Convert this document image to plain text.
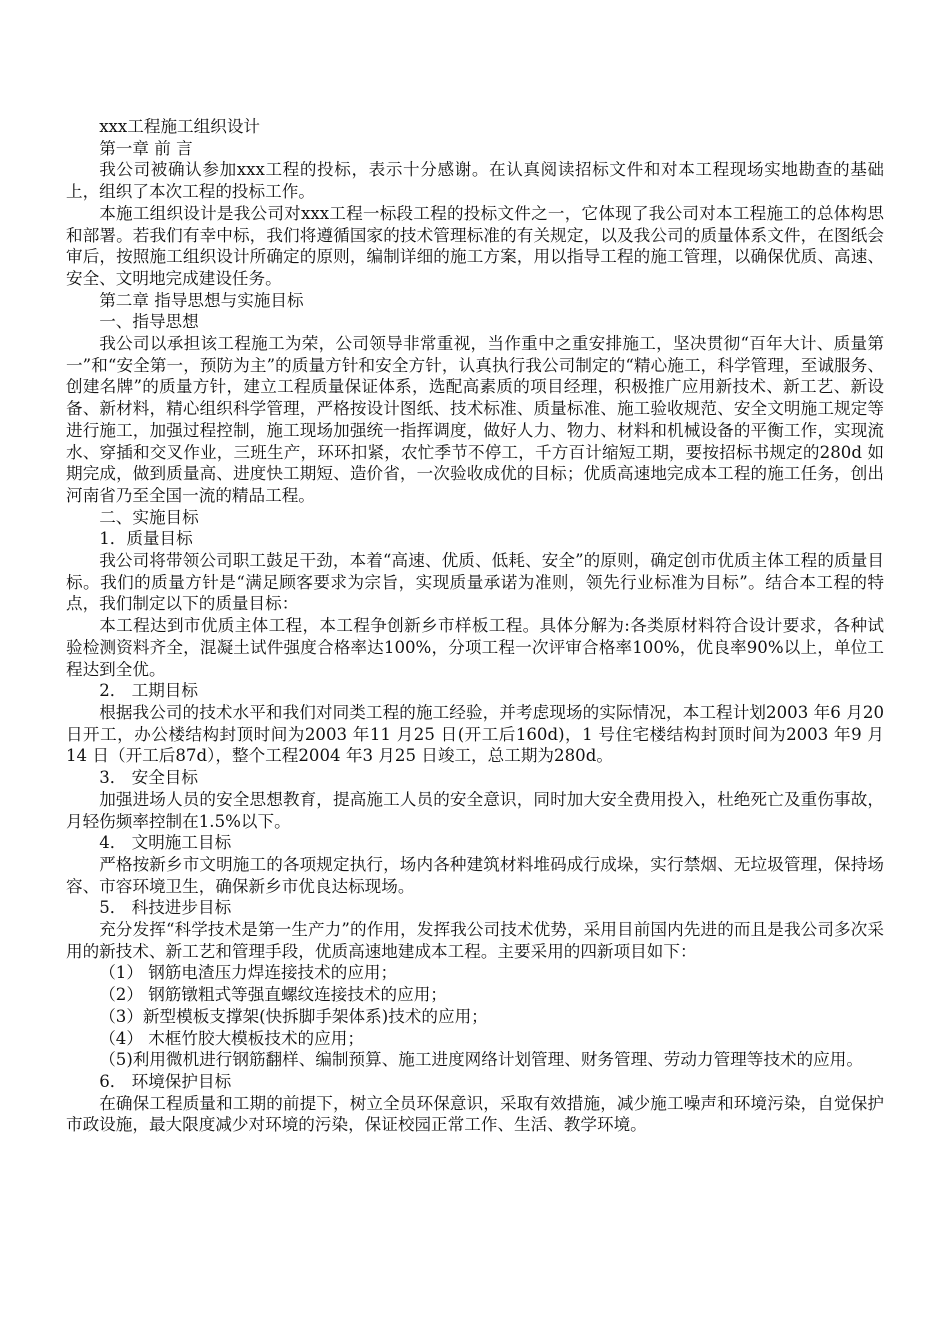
xxx工程施工组织设计

第一章 前 言

我公司被确认参加xxx工程的投标，表示十分感谢。在认真阅读招标文件和对本工程现场实地勘查的基础上，组织了本次工程的投标工作。

本施工组织设计是我公司对xxx工程一标段工程的投标文件之一，它体现了我公司对本工程施工的总体构思和部署。若我们有幸中标，我们将遵循国家的技术管理标准的有关规定，以及我公司的质量体系文件，在图纸会审后，按照施工组织设计所确定的原则，编制详细的施工方案，用以指导工程的施工管理，以确保优质、高速、安全、文明地完成建设任务。

第二章 指导思想与实施目标

一、指导思想

我公司以承担该工程施工为荣，公司领导非常重视，当作重中之重安排施工，坚决贯彻“百年大计、质量第一”和“安全第一，预防为主”的质量方针和安全方针，认真执行我公司制定的“精心施工，科学管理，至诚服务、创建名牌”的质量方针，建立工程质量保证体系，选配高素质的项目经理，积极推广应用新技术、新工艺、新设备、新材料，精心组织科学管理，严格按设计图纸、技术标准、质量标准、施工验收规范、安全文明施工规定等进行施工，加强过程控制，施工现场加强统一指挥调度，做好人力、物力、材料和机械设备的平衡工作，实现流水、穿插和交叉作业，三班生产，环环扣紧，农忙季节不停工，千方百计缩短工期，要按招标书规定的280d 如期完成，做到质量高、进度快工期短、造价省，一次验收成优的目标；优质高速地完成本工程的施工任务，创出河南省乃至全国一流的精品工程。

二、实施目标

1．质量目标

我公司将带领公司职工鼓足干劲，本着“高速、优质、低耗、安全”的原则，确定创市优质主体工程的质量目标。我们的质量方针是“满足顾客要求为宗旨，实现质量承诺为准则，领先行业标准为目标”。结合本工程的特点，我们制定以下的质量目标：

本工程达到市优质主体工程，本工程争创新乡市样板工程。具体分解为:各类原材料符合设计要求，各种试验检测资料齐全，混凝土试件强度合格率达100%，分项工程一次评审合格率100%，优良率90%以上，单位工程达到全优。

2． 工期目标

根据我公司的技术水平和我们对同类工程的施工经验，并考虑现场的实际情况，本工程计划2003 年6 月20 日开工，办公楼结构封顶时间为2003 年11 月25 日(开工后160d)，1 号住宅楼结构封顶时间为2003 年9 月14 日（开工后87d），整个工程2004 年3 月25 日竣工，总工期为280d。

3． 安全目标

加强进场人员的安全思想教育，提高施工人员的安全意识，同时加大安全费用投入，杜绝死亡及重伤事故，月轻伤频率控制在1.5%以下。

4． 文明施工目标

严格按新乡市文明施工的各项规定执行，场内各种建筑材料堆码成行成垛，实行禁烟、无垃圾管理，保持场容、市容环境卫生，确保新乡市优良达标现场。

5． 科技进步目标

充分发挥“科学技术是第一生产力”的作用，发挥我公司技术优势，采用目前国内先进的而且是我公司多次采用的新技术、新工艺和管理手段，优质高速地建成本工程。主要采用的四新项目如下：

（1） 钢筋电渣压力焊连接技术的应用；

（2） 钢筋镦粗式等强直螺纹连接技术的应用；

（3）新型模板支撑架(快拆脚手架体系)技术的应用；

（4） 木框竹胶大模板技术的应用；

（5)利用微机进行钢筋翻样、编制预算、施工进度网络计划管理、财务管理、劳动力管理等技术的应用。

6． 环境保护目标

在确保工程质量和工期的前提下，树立全员环保意识，采取有效措施，减少施工噪声和环境污染，自觉保护市政设施，最大限度减少对环境的污染，保证校园正常工作、生活、教学环境。
